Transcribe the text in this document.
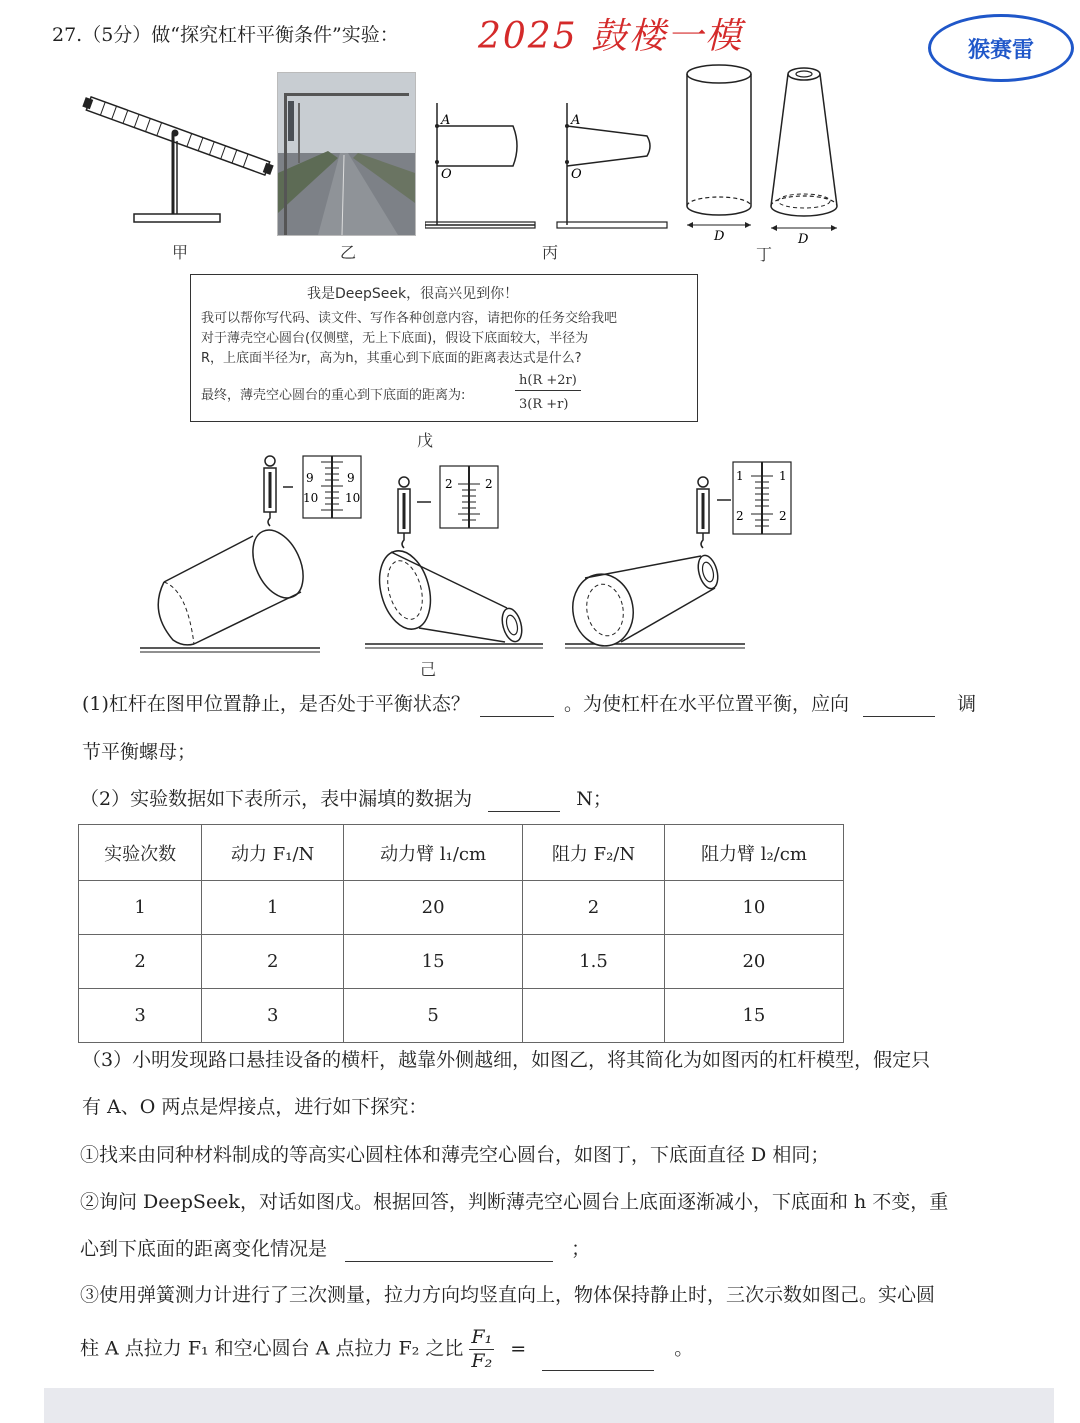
27.（5分）做“探究杠杆平衡条件”实验： 2025 鼓楼一模	猴赛雷
甲	乙
A
O
A
O
丙
D	D
丁
我是DeepSeek，很高兴见到你！
我可以帮你写代码、读文件、写作各种创意内容，请把你的任务交给我吧
对于薄壳空心圆台(仅侧壁，无上下底面)，假设下底面较大，半径为
R，上底面半径为r，高为h，其重心到下底面的距离表达式是什么?
最终，薄壳空心圆台的重心到下底面的距离为:
h(R +2r)
3(R +r)
戊
9
10
9
10
2	2
1
2
1
2
己
(1)杠杆在图甲位置静止，是否处于平衡状态？	。为使杠杆在水平位置平衡，应向	调
节平衡螺母；
（2）实验数据如下表所示，表中漏填的数据为	N；
实验次数	动力 F₁/N	动力臂 l₁/cm	阻力 F₂/N	阻力臂 l₂/cm
1	1	20	2	10
2	2	15	1.5	20
3	3	5		15
（3）小明发现路口悬挂设备的横杆，越靠外侧越细，如图乙，将其简化为如图丙的杠杆模型，假定只
有 A、O 两点是焊接点，进行如下探究：
①找来由同种材料制成的等高实心圆柱体和薄壳空心圆台，如图丁，下底面直径 D 相同；
②询问 DeepSeek，对话如图戊。根据回答，判断薄壳空心圆台上底面逐渐减小，下底面和 h 不变，重
心到下底面的距离变化情况是	；
③使用弹簧测力计进行了三次测量，拉力方向均竖直向上，物体保持静止时，三次示数如图己。实心圆
柱 A 点拉力 F₁ 和空心圆台 A 点拉力 F₂ 之比 $\frac{\text{F₁}}{\text{F₂}}$ =	。
